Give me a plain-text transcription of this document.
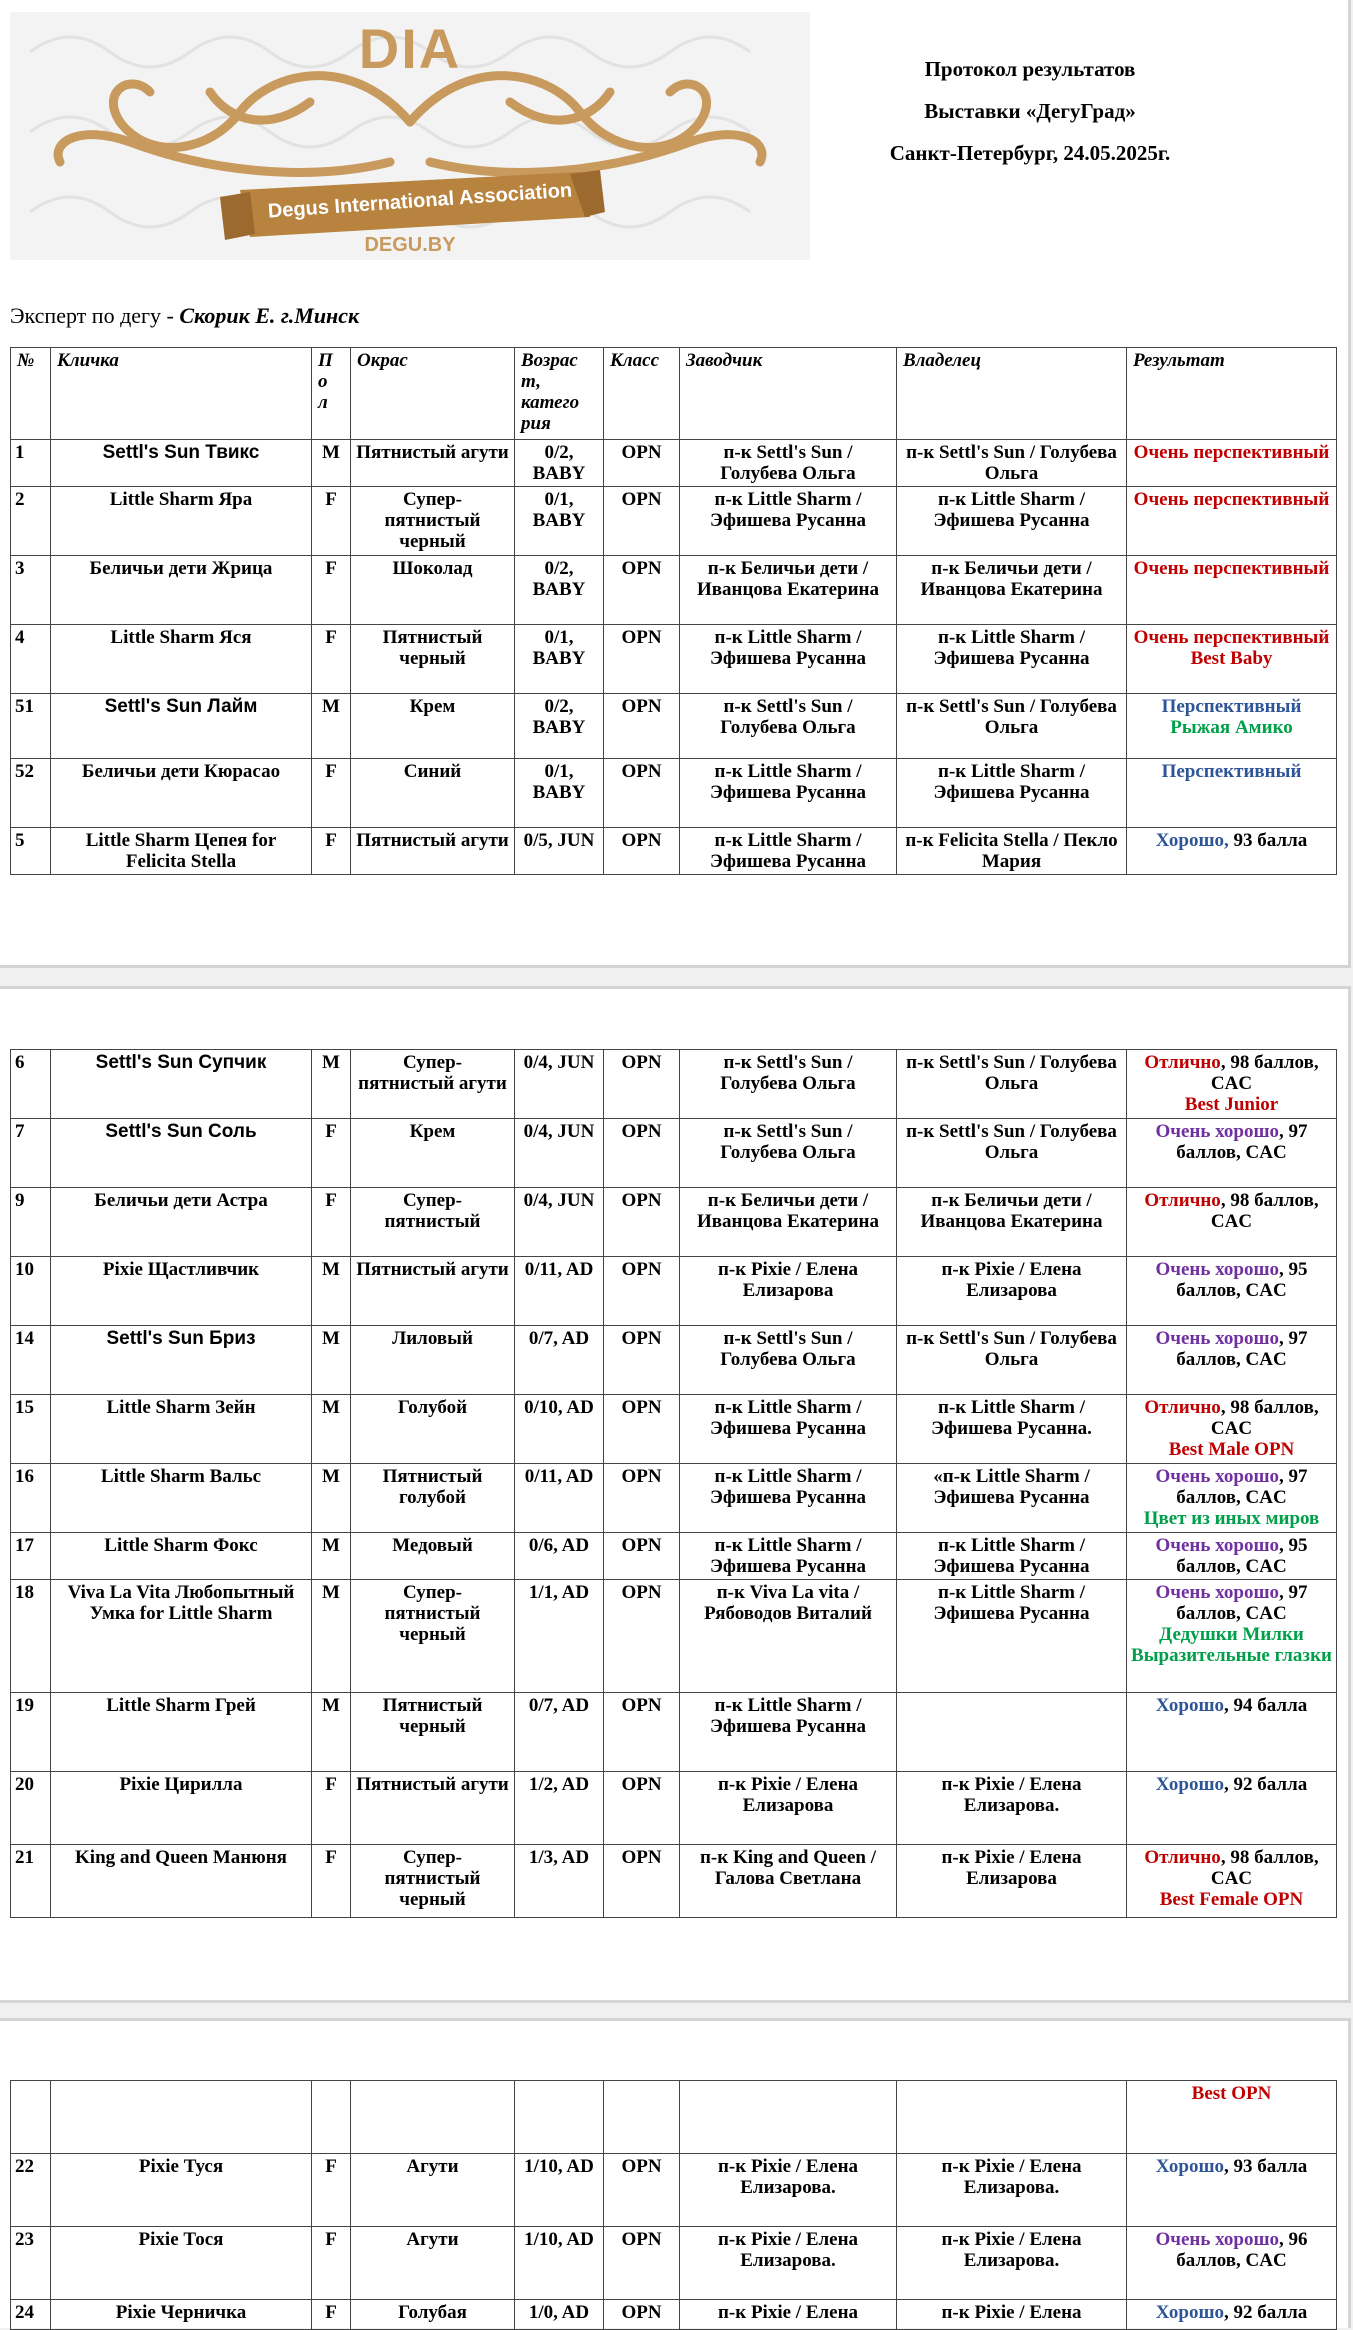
DIA
Degus International Association
DEGU.BY
Протокол результатов
Выставки «ДегуГрад»
Санкт-Петербург, 24.05.2025г.
Эксперт по дегу - Скорик Е. г.Минск
№	Кличка	П
о
л	Окрас	Возрас
т,
катего
рия	Класс	Заводчик	Владелец	Результат
1	Settl's Sun Твикс	M	Пятнистый агути	0/2, BABY	OPN	п-к Settl's Sun / Голубева Ольга	п-к Settl's Sun / Голубева Ольга	Очень перспективный

2	Little Sharm Яра	F	Супер-пятнистый черный	0/1, BABY	OPN	п-к Little Sharm / Эфишева Русанна	п-к Little Sharm / Эфишева Русанна	Очень перспективный

3	Беличьи дети Жрица	F	Шоколад	0/2, BABY	OPN	п-к Беличьи дети / Иванцова Екатерина	п-к Беличьи дети / Иванцова Екатерина	Очень перспективный

4	Little Sharm Яся	F	Пятнистый черный	0/1, BABY	OPN	п-к Little Sharm / Эфишева Русанна	п-к Little Sharm / Эфишева Русанна	Очень перспективный
Best Baby

51	Settl's Sun Лайм	M	Крем	0/2, BABY	OPN	п-к Settl's Sun / Голубева Ольга	п-к Settl's Sun / Голубева Ольга	Перспективный
Рыжая Амико

52	Беличьи дети Кюрасао	F	Синий	0/1, BABY	OPN	п-к Little Sharm / Эфишева Русанна	п-к Little Sharm / Эфишева Русанна	Перспективный

5	Little Sharm Цепея for Felicita Stella	F	Пятнистый агути	0/5, JUN	OPN	п-к Little Sharm / Эфишева Русанна	п-к Felicita Stella / Пекло Мария	Хорошо, 93 балла
6	Settl's Sun Супчик	M	Супер-пятнистый агути	0/4, JUN	OPN	п-к Settl's Sun / Голубева Ольга	п-к Settl's Sun / Голубева Ольга	Отлично, 98 баллов, CAC
Best Junior

7	Settl's Sun Соль	F	Крем	0/4, JUN	OPN	п-к Settl's Sun / Голубева Ольга	п-к Settl's Sun / Голубева Ольга	Очень хорошо, 97 баллов, CAC

9	Беличьи дети Астра	F	Супер-пятнистый	0/4, JUN	OPN	п-к Беличьи дети / Иванцова Екатерина	п-к Беличьи дети / Иванцова Екатерина	Отлично, 98 баллов, CAC

10	Pixie Щастливчик	M	Пятнистый агути	0/11, AD	OPN	п-к Pixie / Елена Елизарова	п-к Pixie / Елена Елизарова	Очень хорошо, 95 баллов, CAC

14	Settl's Sun Бриз	M	Лиловый	0/7, AD	OPN	п-к Settl's Sun / Голубева Ольга	п-к Settl's Sun / Голубева Ольга	Очень хорошо, 97 баллов, CAC

15	Little Sharm Зейн	M	Голубой	0/10, AD	OPN	п-к Little Sharm / Эфишева Русанна	п-к Little Sharm / Эфишева Русанна.	Отлично, 98 баллов, CAC
Best Male OPN

16	Little Sharm Вальс	M	Пятнистый голубой	0/11, AD	OPN	п-к Little Sharm / Эфишева Русанна	«п-к Little Sharm / Эфишева Русанна	Очень хорошо, 97 баллов, CAC
Цвет из иных миров

17	Little Sharm Фокс	M	Медовый	0/6, AD	OPN	п-к Little Sharm / Эфишева Русанна	п-к Little Sharm / Эфишева Русанна	Очень хорошо, 95 баллов, CAC

18	Viva La Vita Любопытный Умка for Little Sharm	M	Супер-пятнистый черный	1/1, AD	OPN	п-к Viva La vita / Рябоводов Виталий	п-к Little Sharm / Эфишева Русанна	Очень хорошо, 97 баллов, CAC
Дедушки Милки Выразительные глазки

19	Little Sharm Грей	M	Пятнистый черный	0/7, AD	OPN	п-к Little Sharm / Эфишева Русанна		Хорошо, 94 балла

20	Pixie Цирилла	F	Пятнистый агути	1/2, AD	OPN	п-к Pixie / Елена Елизарова	п-к Pixie / Елена Елизарова.	Хорошо, 92 балла

21	King and Queen Манюня	F	Супер-пятнистый черный	1/3, AD	OPN	п-к King and Queen / Галова Светлана	п-к Pixie / Елена Елизарова	Отлично, 98 баллов, CAC
Best Female OPN

								Best OPN

22	Pixie Туся	F	Агути	1/10, AD	OPN	п-к Pixie / Елена Елизарова.	п-к Pixie / Елена Елизарова.	Хорошо, 93 балла

23	Pixie Тося	F	Агути	1/10, AD	OPN	п-к Pixie / Елена Елизарова.	п-к Pixie / Елена Елизарова.	Очень хорошо, 96 баллов, CAC

24	Pixie Черничка	F	Голубая	1/0, AD	OPN	п-к Pixie / Елена	п-к Pixie / Елена	Хорошо, 92 балла
